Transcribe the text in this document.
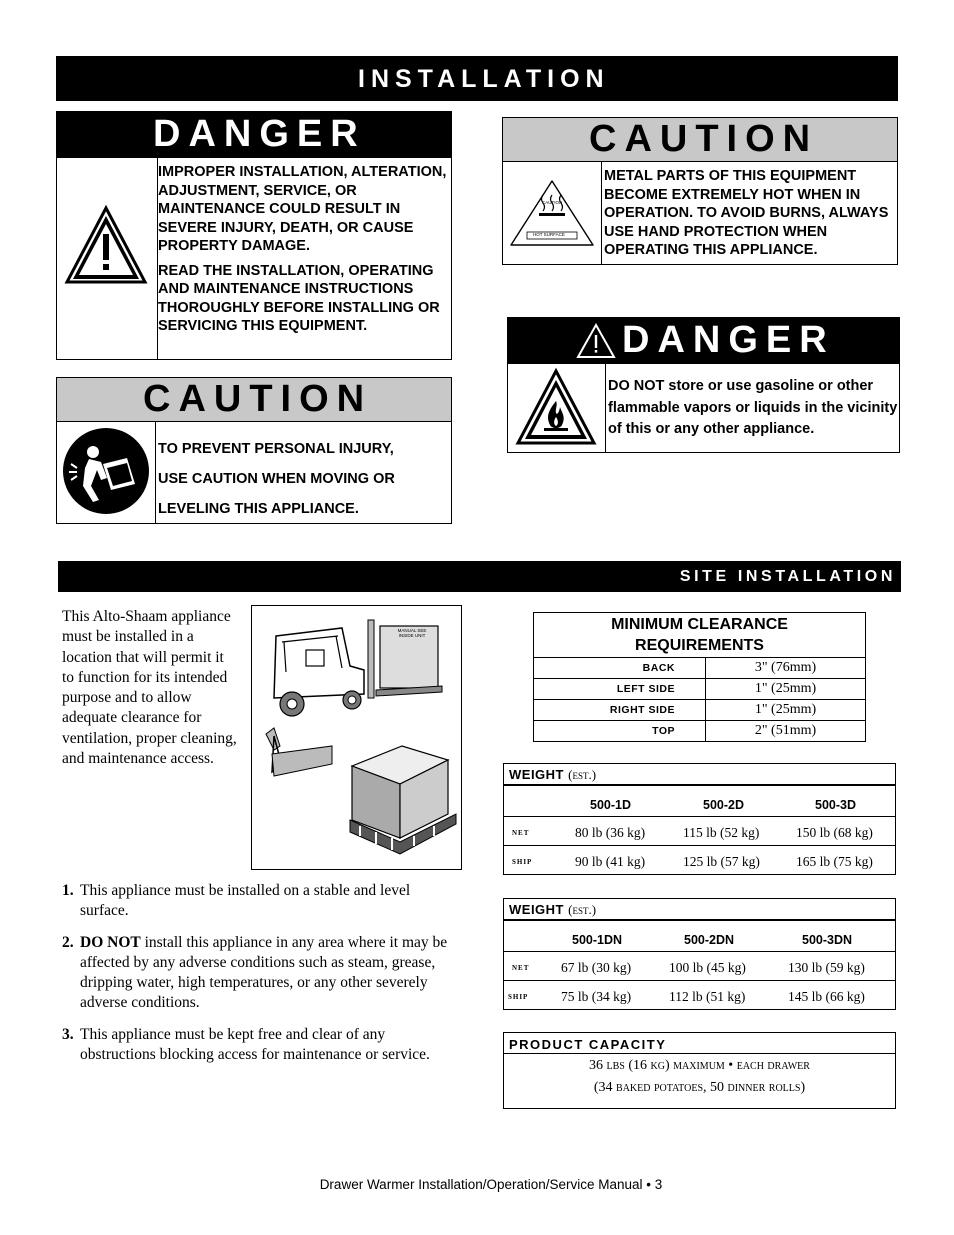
INSTALLATION
DANGER
IMPROPER INSTALLATION, ALTERATION, ADJUSTMENT, SERVICE, OR MAINTENANCE COULD RESULT IN SEVERE INJURY, DEATH, OR CAUSE PROPERTY DAMAGE.
READ THE INSTALLATION, OPERATING AND MAINTENANCE INSTRUCTIONS THOROUGHLY BEFORE INSTALLING OR SERVICING THIS EQUIPMENT.
CAUTION
CAUTION
HOT SURFACE
METAL PARTS OF THIS EQUIPMENT BECOME EXTREMELY HOT WHEN IN OPERATION. TO AVOID BURNS, ALWAYS USE HAND PROTECTION WHEN OPERATING THIS APPLIANCE.
CAUTION
TO PREVENT PERSONAL INJURY,
USE CAUTION WHEN MOVING OR
LEVELING THIS APPLIANCE.
DANGER
DO NOT store or use gasoline or other flammable vapors or liquids in the vicinity of this or any other appliance.
SITE INSTALLATION
This Alto-Shaam appliance must be installed in a location that will permit it to function for its intended purpose and to allow adequate clearance for ventilation, proper cleaning, and maintenance access.
MANUAL SEE INSIDE UNIT
1. This appliance must be installed on a stable and level surface.
2. DO NOT install this appliance in any area where it may be affected by any adverse conditions such as steam, grease, dripping water, high temperatures, or any other severely adverse conditions.
3. This appliance must be kept free and clear of any obstructions blocking access for maintenance or service.
MINIMUM CLEARANCE
REQUIREMENTS
BACK	3" (76mm)
LEFT SIDE	1" (25mm)
RIGHT SIDE	1" (25mm)
TOP	2" (51mm)
WEIGHT (est.)
500-1D	500-2D	500-3D
net	80 lb (36 kg)	115 lb (52 kg)	150 lb (68 kg)
ship	90 lb (41 kg)	125 lb (57 kg)	165 lb (75 kg)
WEIGHT (est.)
500-1DN	500-2DN	500-3DN
net 67 lb (30 kg)	100 lb (45 kg)	130 lb (59 kg)
ship 75 lb (34 kg)	112 lb (51 kg)	145 lb (66 kg)
PRODUCT CAPACITY
36 lbs (16 kg) maximum • each drawer
(34 baked potatoes, 50 dinner rolls)
Drawer Warmer Installation/Operation/Service Manual • 3
